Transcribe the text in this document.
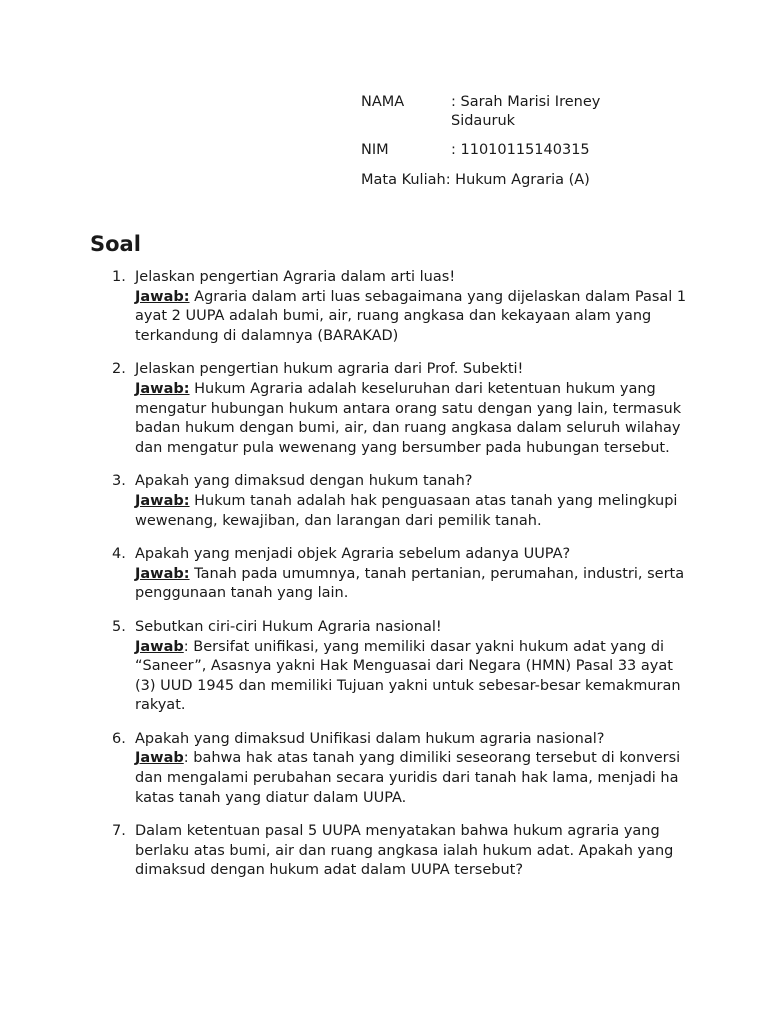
NAMA	: Sarah Marisi Ireney Sidauruk
NIM	: 11010115140315
Mata Kuliah : Hukum Agraria (A)
Soal
1. Jelaskan pengertian Agraria dalam arti luas!
Jawab: Agraria dalam arti luas sebagaimana yang dijelaskan dalam Pasal 1 ayat 2 UUPA adalah bumi, air, ruang angkasa dan kekayaan alam yang terkandung di dalamnya (BARAKAD)
2. Jelaskan pengertian hukum agraria dari Prof. Subekti!
Jawab: Hukum Agraria adalah keseluruhan dari ketentuan hukum yang mengatur hubungan hukum antara orang satu dengan yang lain, termasuk badan hukum dengan bumi, air, dan ruang angkasa dalam seluruh wilahay dan mengatur pula wewenang yang bersumber pada hubungan tersebut.
3. Apakah yang dimaksud dengan hukum tanah?
Jawab: Hukum tanah adalah hak penguasaan atas tanah yang melingkupi wewenang, kewajiban, dan larangan dari pemilik tanah.
4. Apakah yang menjadi objek Agraria sebelum adanya UUPA?
Jawab: Tanah pada umumnya, tanah pertanian, perumahan, industri, serta penggunaan tanah yang lain.
5. Sebutkan ciri-ciri Hukum Agraria nasional!
Jawab: Bersifat unifikasi, yang memiliki dasar yakni hukum adat yang di “Saneer”, Asasnya yakni Hak Menguasai dari Negara (HMN) Pasal 33 ayat (3) UUD 1945 dan memiliki Tujuan yakni untuk sebesar-besar kemakmuran rakyat.
6. Apakah yang dimaksud Unifikasi dalam hukum agraria nasional?
Jawab: bahwa hak atas tanah yang dimiliki seseorang tersebut di konversi dan mengalami perubahan secara yuridis dari tanah hak lama, menjadi ha katas tanah yang diatur dalam UUPA.
7. Dalam ketentuan pasal 5 UUPA menyatakan bahwa hukum agraria yang berlaku atas bumi, air dan ruang angkasa ialah hukum adat. Apakah yang dimaksud dengan hukum adat dalam UUPA tersebut?
